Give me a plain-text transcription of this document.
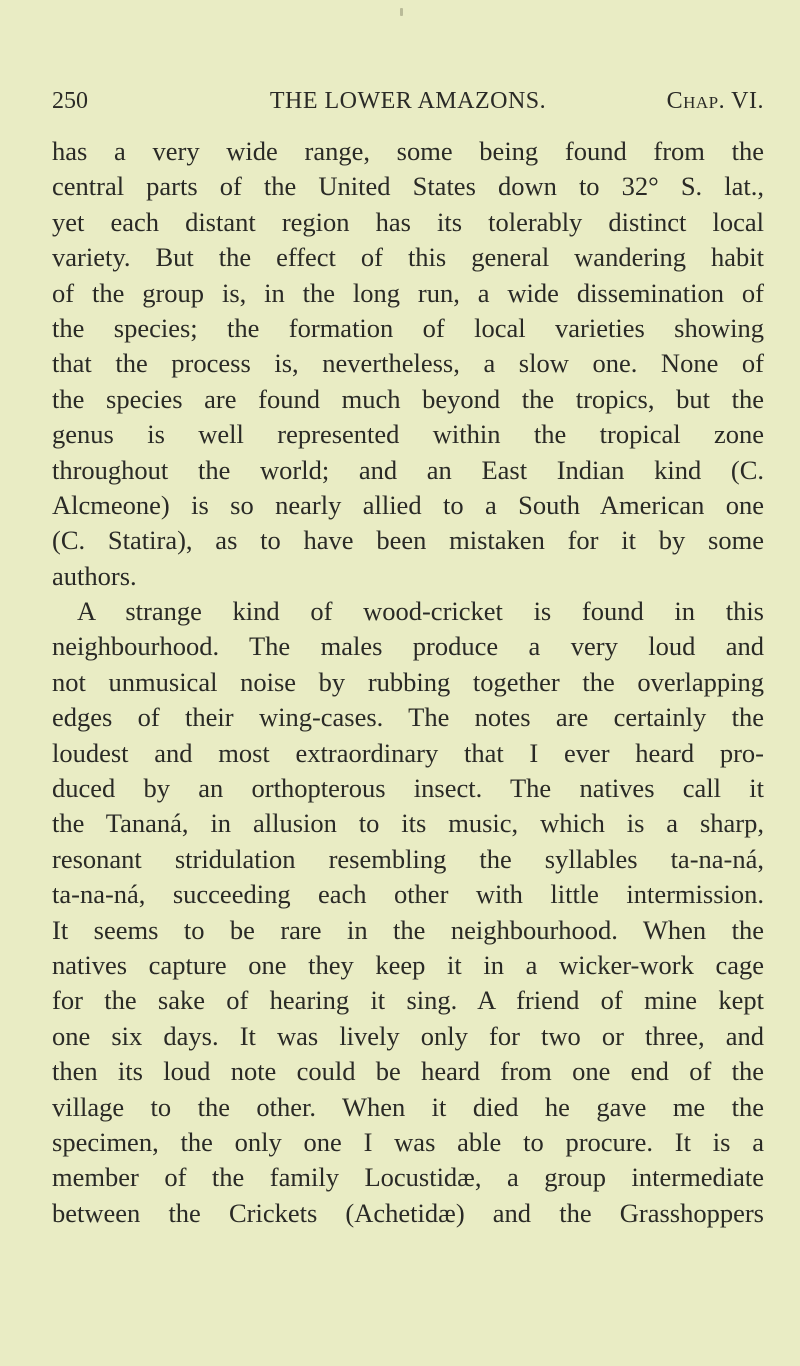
250	THE LOWER AMAZONS.	Chap. VI.
has a very wide range, some being found from the
central parts of the United States down to 32° S. lat.,
yet each distant region has its tolerably distinct local
variety. But the effect of this general wandering habit
of the group is, in the long run, a wide dissemination of
the species; the formation of local varieties showing
that the process is, nevertheless, a slow one. None of
the species are found much beyond the tropics, but the
genus is well represented within the tropical zone
throughout the world; and an East Indian kind (C.
Alcmeone) is so nearly allied to a South American one
(C. Statira), as to have been mistaken for it by some
authors.
A strange kind of wood-cricket is found in this
neighbourhood. The males produce a very loud and
not unmusical noise by rubbing together the overlapping
edges of their wing-cases. The notes are certainly the
loudest and most extraordinary that I ever heard pro-
duced by an orthopterous insect. The natives call it
the Tananá, in allusion to its music, which is a sharp,
resonant stridulation resembling the syllables ta-na-ná,
ta-na-ná, succeeding each other with little intermission.
It seems to be rare in the neighbourhood. When the
natives capture one they keep it in a wicker-work cage
for the sake of hearing it sing. A friend of mine kept
one six days. It was lively only for two or three, and
then its loud note could be heard from one end of the
village to the other. When it died he gave me the
specimen, the only one I was able to procure. It is a
member of the family Locustidæ, a group intermediate
between the Crickets (Achetidæ) and the Grasshoppers
